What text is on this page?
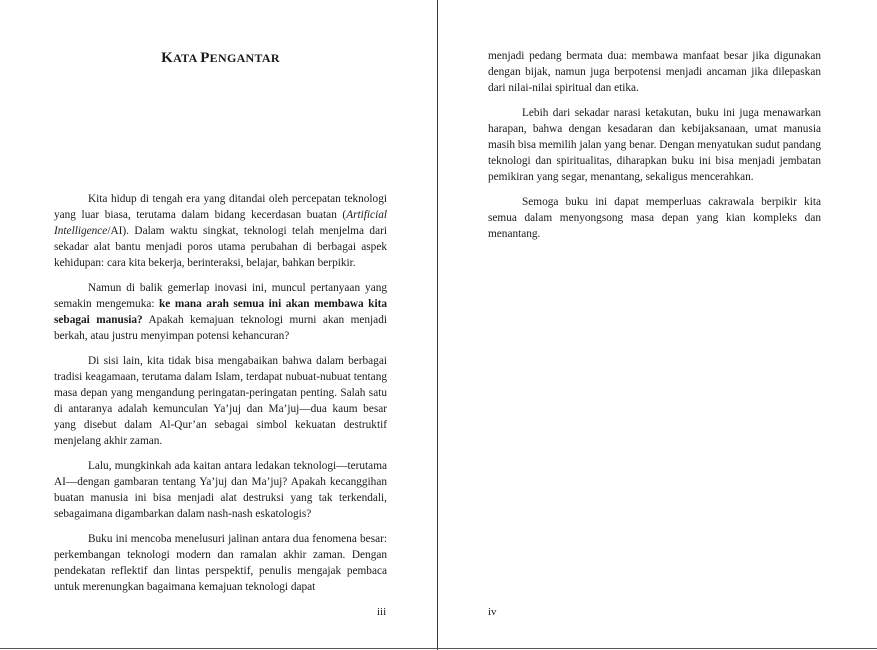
KATA PENGANTAR

Kita hidup di tengah era yang ditandai oleh percepatan teknologi yang luar biasa, terutama dalam bidang kecerdasan buatan (Artificial Intelligence/AI). Dalam waktu singkat, teknologi telah menjelma dari sekadar alat bantu menjadi poros utama perubahan di berbagai aspek kehidupan: cara kita bekerja, berinteraksi, belajar, bahkan berpikir.

Namun di balik gemerlap inovasi ini, muncul pertanyaan yang semakin mengemuka: ke mana arah semua ini akan membawa kita sebagai manusia? Apakah kemajuan teknologi murni akan menjadi berkah, atau justru menyimpan potensi kehancuran?

Di sisi lain, kita tidak bisa mengabaikan bahwa dalam berbagai tradisi keagamaan, terutama dalam Islam, terdapat nubuat-nubuat tentang masa depan yang mengandung peringatan-peringatan penting. Salah satu di antaranya adalah kemunculan Ya’juj dan Ma’juj—dua kaum besar yang disebut dalam Al-Qur’an sebagai simbol kekuatan destruktif menjelang akhir zaman.

Lalu, mungkinkah ada kaitan antara ledakan teknologi—terutama AI—dengan gambaran tentang Ya’juj dan Ma’juj? Apakah kecanggihan buatan manusia ini bisa menjadi alat destruksi yang tak terkendali, sebagaimana digambarkan dalam nash-nash eskatologis?

Buku ini mencoba menelusuri jalinan antara dua fenomena besar: perkembangan teknologi modern dan ramalan akhir zaman. Dengan pendekatan reflektif dan lintas perspektif, penulis mengajak pembaca untuk merenungkan bagaimana kemajuan teknologi dapat

iii

menjadi pedang bermata dua: membawa manfaat besar jika digunakan dengan bijak, namun juga berpotensi menjadi ancaman jika dilepaskan dari nilai-nilai spiritual dan etika.

Lebih dari sekadar narasi ketakutan, buku ini juga menawarkan harapan, bahwa dengan kesadaran dan kebijaksanaan, umat manusia masih bisa memilih jalan yang benar. Dengan menyatukan sudut pandang teknologi dan spiritualitas, diharapkan buku ini bisa menjadi jembatan pemikiran yang segar, menantang, sekaligus mencerahkan.

Semoga buku ini dapat memperluas cakrawala berpikir kita semua dalam menyongsong masa depan yang kian kompleks dan menantang.

iv
